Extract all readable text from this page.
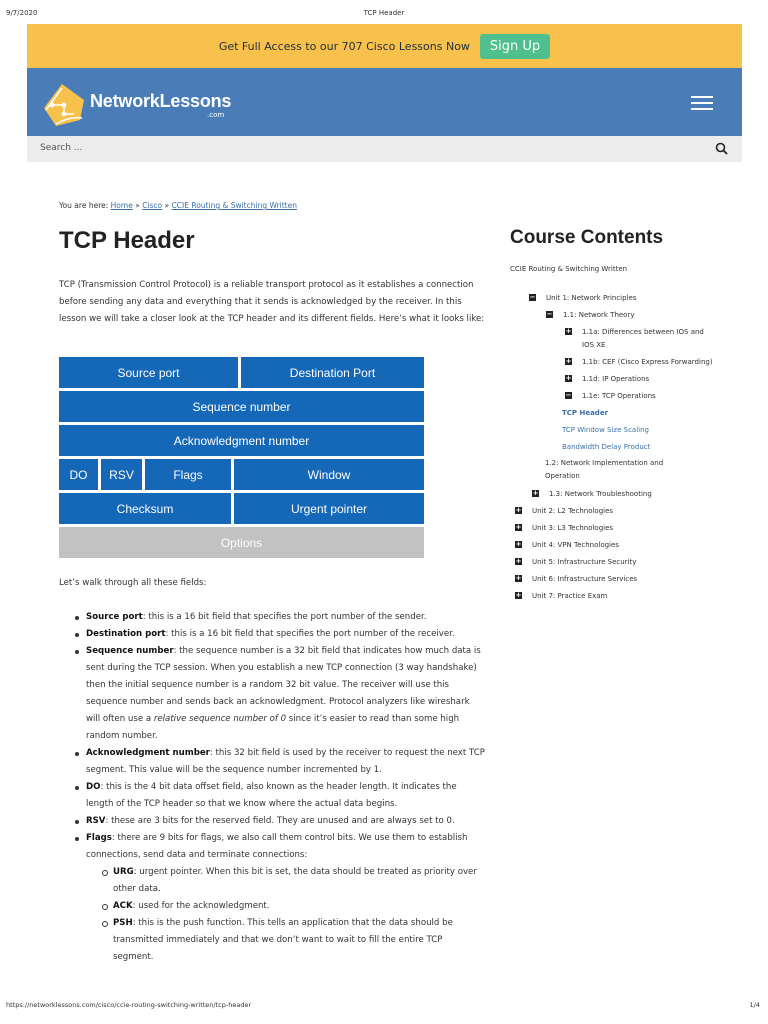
9/7/2020	TCP Header
Get Full Access to our 707 Cisco Lessons Now	Sign Up
NetworkLessons
.com
Search ...
You are here: Home » Cisco » CCIE Routing & Switching Written
TCP Header

TCP (Transmission Control Protocol) is a reliable transport protocol as it establishes a connection before sending any data and everything that it sends is acknowledged by the receiver. In this lesson we will take a closer look at the TCP header and its different fields. Here’s what it looks like:

Source port	Destination Port
Sequence number
Acknowledgment number
DO	RSV	Flags	Window
Checksum	Urgent pointer
Options

Let’s walk through all these fields:

Source port: this is a 16 bit field that specifies the port number of the sender.
Destination port: this is a 16 bit field that specifies the port number of the receiver.
Sequence number: the sequence number is a 32 bit field that indicates how much data is sent during the TCP session. When you establish a new TCP connection (3 way handshake) then the initial sequence number is a random 32 bit value. The receiver will use this sequence number and sends back an acknowledgment. Protocol analyzers like wireshark will often use a relative sequence number of 0 since it’s easier to read than some high random number.
Acknowledgment number: this 32 bit field is used by the receiver to request the next TCP segment. This value will be the sequence number incremented by 1.
DO: this is the 4 bit data offset field, also known as the header length. It indicates the length of the TCP header so that we know where the actual data begins.
RSV: these are 3 bits for the reserved field. They are unused and are always set to 0.
Flags: there are 9 bits for flags, we also call them control bits. We use them to establish connections, send data and terminate connections:
URG: urgent pointer. When this bit is set, the data should be treated as priority over other data.
ACK: used for the acknowledgment.
PSH: this is the push function. This tells an application that the data should be transmitted immediately and that we don’t want to wait to fill the entire TCP segment.
Course Contents
CCIE Routing & Switching Written
− Unit 1: Network Principles
− 1.1: Network Theory
+ 1.1a: Differences between IOS and
IOS XE
+ 1.1b: CEF (Cisco Express Forwarding)
+ 1.1d: IP Operations
− 1.1e: TCP Operations
TCP Header
TCP Window Size Scaling
Bandwidth Delay Product
1.2: Network Implementation and
Operation
+ 1.3: Network Troubleshooting
+ Unit 2: L2 Technologies
+ Unit 3: L3 Technologies
+ Unit 4: VPN Technologies
+ Unit 5: Infrastructure Security
+ Unit 6: Infrastructure Services
+ Unit 7: Practice Exam
https://networklessons.com/cisco/ccie-routing-switching-written/tcp-header	1/4
